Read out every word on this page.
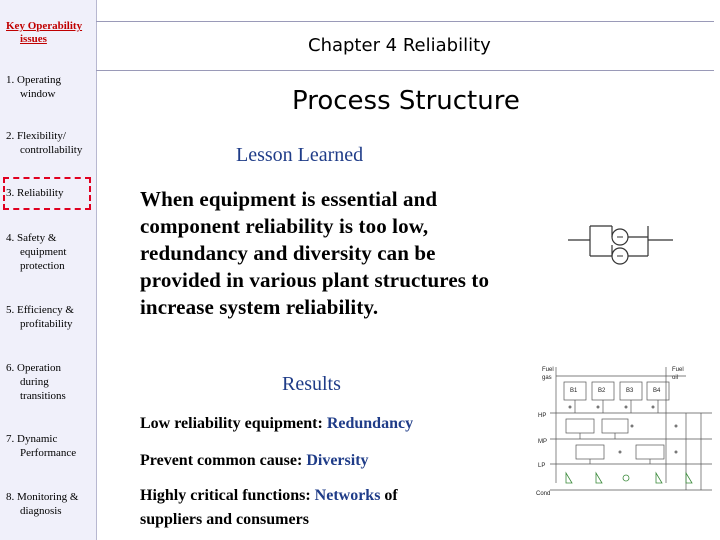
Key Operability
issues
1. Operating
window
2. Flexibility/
controllability
3. Reliability
4. Safety &
equipment
protection
5. Efficiency &
profitability
6. Operation
during
transitions
7. Dynamic
Performance
8. Monitoring &
diagnosis
Chapter 4 Reliability
Process Structure
Lesson Learned
When equipment is essential and component reliability is too low, redundancy and diversity can be provided in various plant structures to increase system reliability.
Results
Low reliability equipment: Redundancy
Prevent common cause: Diversity
Highly critical functions: Networks of
suppliers and consumers
Fuel
gas
Fuel
oil
B1	B2	B3	B4
HP
MP
LP
Cond
